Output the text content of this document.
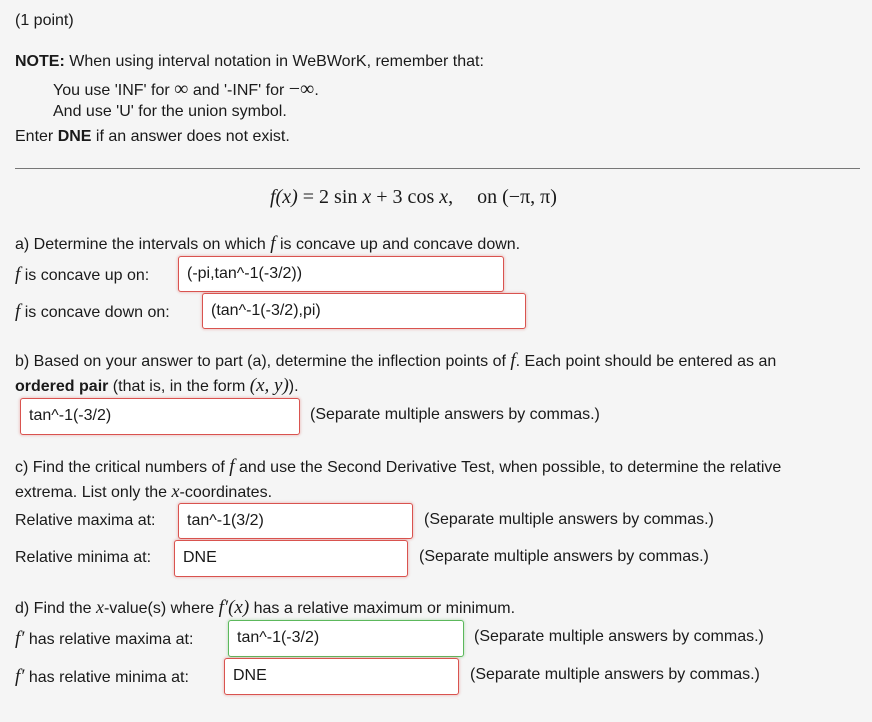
(1 point)
NOTE: When using interval notation in WeBWorK, remember that:
You use 'INF' for ∞ and '-INF' for −∞.
And use 'U' for the union symbol.
Enter DNE if an answer does not exist.
f(x) = 2 sin x + 3 cos x, on (−π, π)
a) Determine the intervals on which f is concave up and concave down.
f is concave up on:	(-pi,tan^-1(-3/2))
f is concave down on:	(tan^-1(-3/2),pi)
b) Based on your answer to part (a), determine the inflection points of f. Each point should be entered as an
ordered pair (that is, in the form (x, y)).
tan^-1(-3/2)	(Separate multiple answers by commas.)
c) Find the critical numbers of f and use the Second Derivative Test, when possible, to determine the relative
extrema. List only the x-coordinates.
Relative maxima at:	tan^-1(3/2)	(Separate multiple answers by commas.)
Relative minima at:	DNE	(Separate multiple answers by commas.)
d) Find the x-value(s) where f′(x) has a relative maximum or minimum.
f′ has relative maxima at:	tan^-1(-3/2)	(Separate multiple answers by commas.)
f′ has relative minima at:	DNE	(Separate multiple answers by commas.)
